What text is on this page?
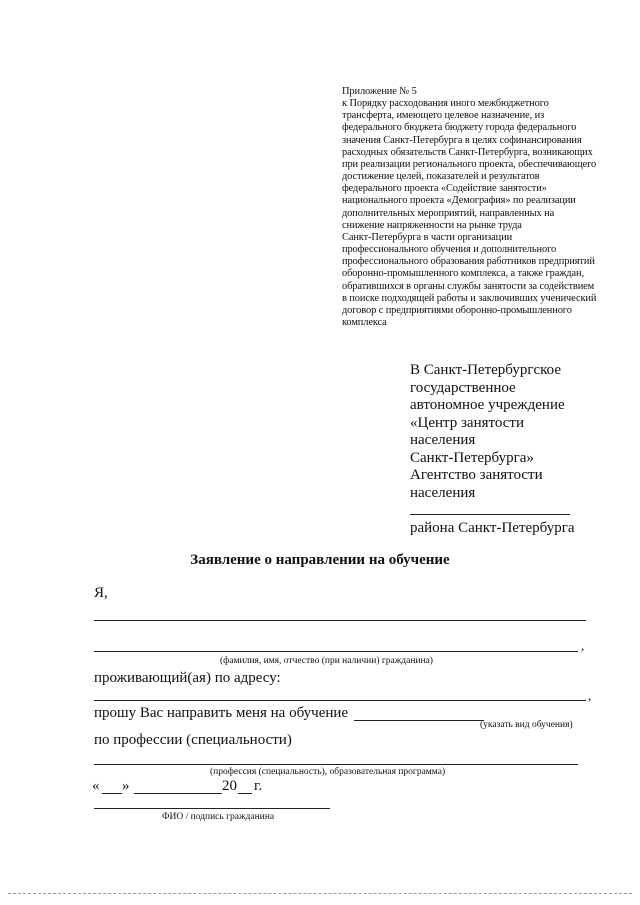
Приложение № 5
к Порядку расходования иного межбюджетного
трансферта, имеющего целевое назначение, из
федерального бюджета бюджету города федерального
значения Санкт-Петербурга в целях софинансирования
расходных обязательств Санкт-Петербурга, возникающих
при реализации регионального проекта, обеспечивающего
достижение целей, показателей и результатов
федерального проекта «Содействие занятости»
национального проекта «Демография» по реализации
дополнительных мероприятий, направленных на
снижение напряженности на рынке труда
Санкт-Петербурга в части организации
профессионального обучения и дополнительного
профессионального образования работников предприятий
оборонно-промышленного комплекса, а также граждан,
обратившихся в органы службы занятости за содействием
в поиске подходящей работы и заключивших ученический
договор с предприятиями оборонно-промышленного
комплекса
В Санкт-Петербургское
государственное
автономное учреждение
«Центр занятости
населения
Санкт-Петербурга»
Агентство занятости
населения
района Санкт-Петербурга
Заявление о направлении на обучение
Я,
,
(фамилия, имя, отчество (при наличии) гражданина)
проживающий(ая) по адресу:
,
прошу Вас направить меня на обучение
(указать вид обучения)
по профессии (специальности)
(профессия (специальность), образовательная программа)
« »	20 г.
ФИО / подпись гражданина
